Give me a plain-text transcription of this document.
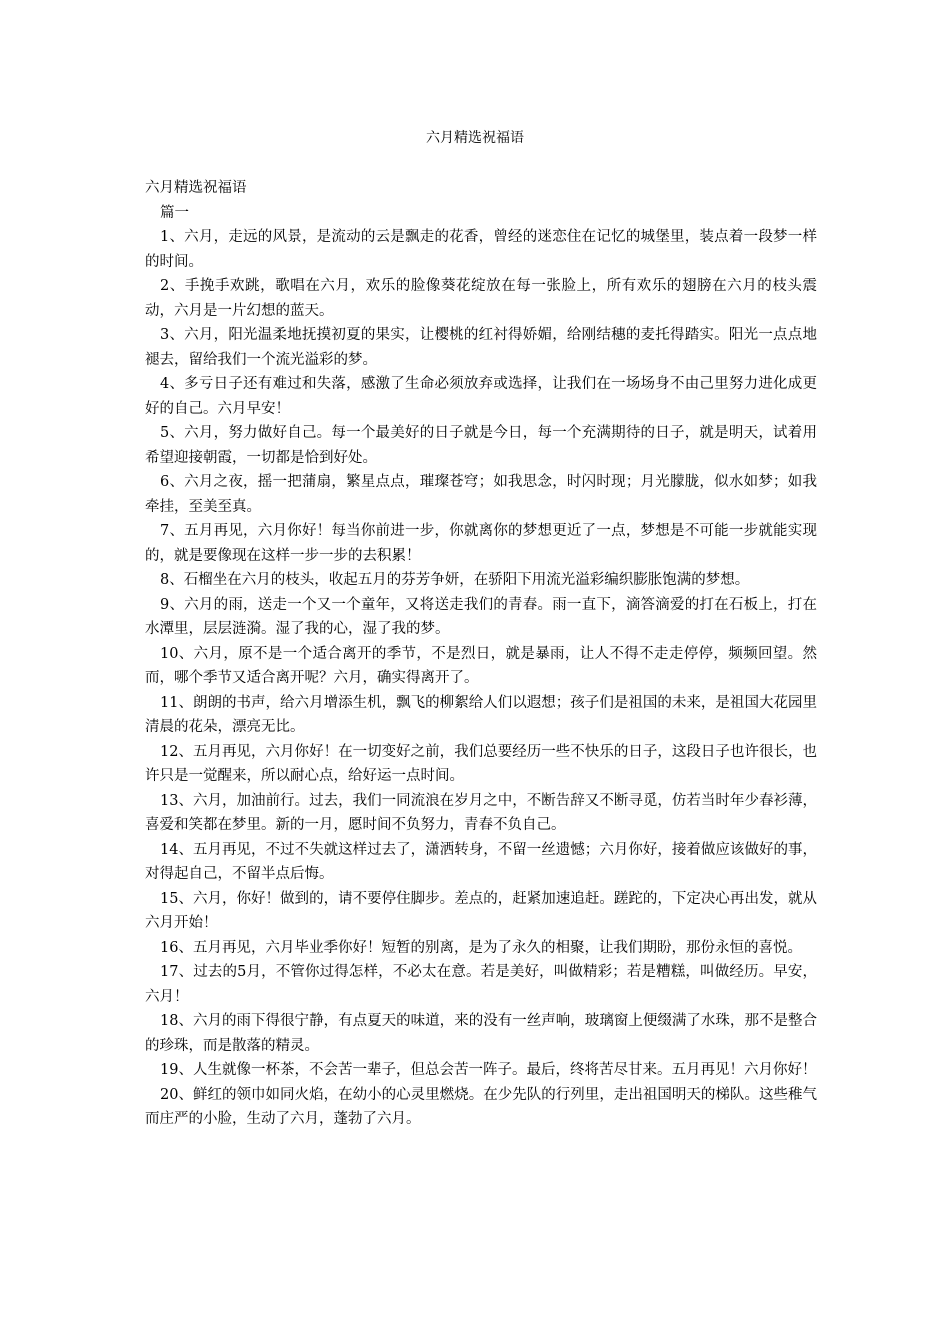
六月精选祝福语

六月精选祝福语

篇一

1、六月，走远的风景，是流动的云是飘走的花香，曾经的迷恋住在记忆的城堡里，装点着一段梦一样的时间。

2、手挽手欢跳，歌唱在六月，欢乐的脸像葵花绽放在每一张脸上，所有欢乐的翅膀在六月的枝头震动，六月是一片幻想的蓝天。

3、六月，阳光温柔地抚摸初夏的果实，让樱桃的红衬得娇媚，给刚结穗的麦托得踏实。阳光一点点地褪去，留给我们一个流光溢彩的梦。

4、多亏日子还有难过和失落，感激了生命必须放弃或选择，让我们在一场场身不由己里努力进化成更好的自己。六月早安！

5、六月，努力做好自己。每一个最美好的日子就是今日，每一个充满期待的日子，就是明天，试着用希望迎接朝霞，一切都是恰到好处。

6、六月之夜，摇一把蒲扇，繁星点点，璀璨苍穹；如我思念，时闪时现；月光朦胧，似水如梦；如我牵挂，至美至真。

7、五月再见，六月你好！每当你前进一步，你就离你的梦想更近了一点，梦想是不可能一步就能实现的，就是要像现在这样一步一步的去积累！

8、石榴坐在六月的枝头，收起五月的芬芳争妍，在骄阳下用流光溢彩编织膨胀饱满的梦想。

9、六月的雨，送走一个又一个童年，又将送走我们的青春。雨一直下，滴答滴爱的打在石板上，打在水潭里，层层涟漪。湿了我的心，湿了我的梦。

10、六月，原不是一个适合离开的季节，不是烈日，就是暴雨，让人不得不走走停停，频频回望。然而，哪个季节又适合离开呢？六月，确实得离开了。

11、朗朗的书声，给六月增添生机，飘飞的柳絮给人们以遐想；孩子们是祖国的未来，是祖国大花园里清晨的花朵，漂亮无比。

12、五月再见，六月你好！在一切变好之前，我们总要经历一些不快乐的日子，这段日子也许很长，也许只是一觉醒来，所以耐心点，给好运一点时间。

13、六月，加油前行。过去，我们一同流浪在岁月之中，不断告辞又不断寻觅，仿若当时年少春衫薄，喜爱和笑都在梦里。新的一月，愿时间不负努力，青春不负自己。

14、五月再见，不过不失就这样过去了，潇洒转身，不留一丝遗憾；六月你好，接着做应该做好的事，对得起自己，不留半点后悔。

15、六月，你好！做到的，请不要停住脚步。差点的，赶紧加速追赶。蹉跎的，下定决心再出发，就从六月开始！

16、五月再见，六月毕业季你好！短暂的别离，是为了永久的相聚，让我们期盼，那份永恒的喜悦。

17、过去的5月，不管你过得怎样，不必太在意。若是美好，叫做精彩；若是糟糕，叫做经历。早安，六月！

18、六月的雨下得很宁静，有点夏天的味道，来的没有一丝声响，玻璃窗上便缀满了水珠，那不是整合的珍珠，而是散落的精灵。

19、人生就像一杯茶，不会苦一辈子，但总会苦一阵子。最后，终将苦尽甘来。五月再见！六月你好！

20、鲜红的领巾如同火焰，在幼小的心灵里燃烧。在少先队的行列里，走出祖国明天的梯队。这些稚气而庄严的小脸，生动了六月，蓬勃了六月。
